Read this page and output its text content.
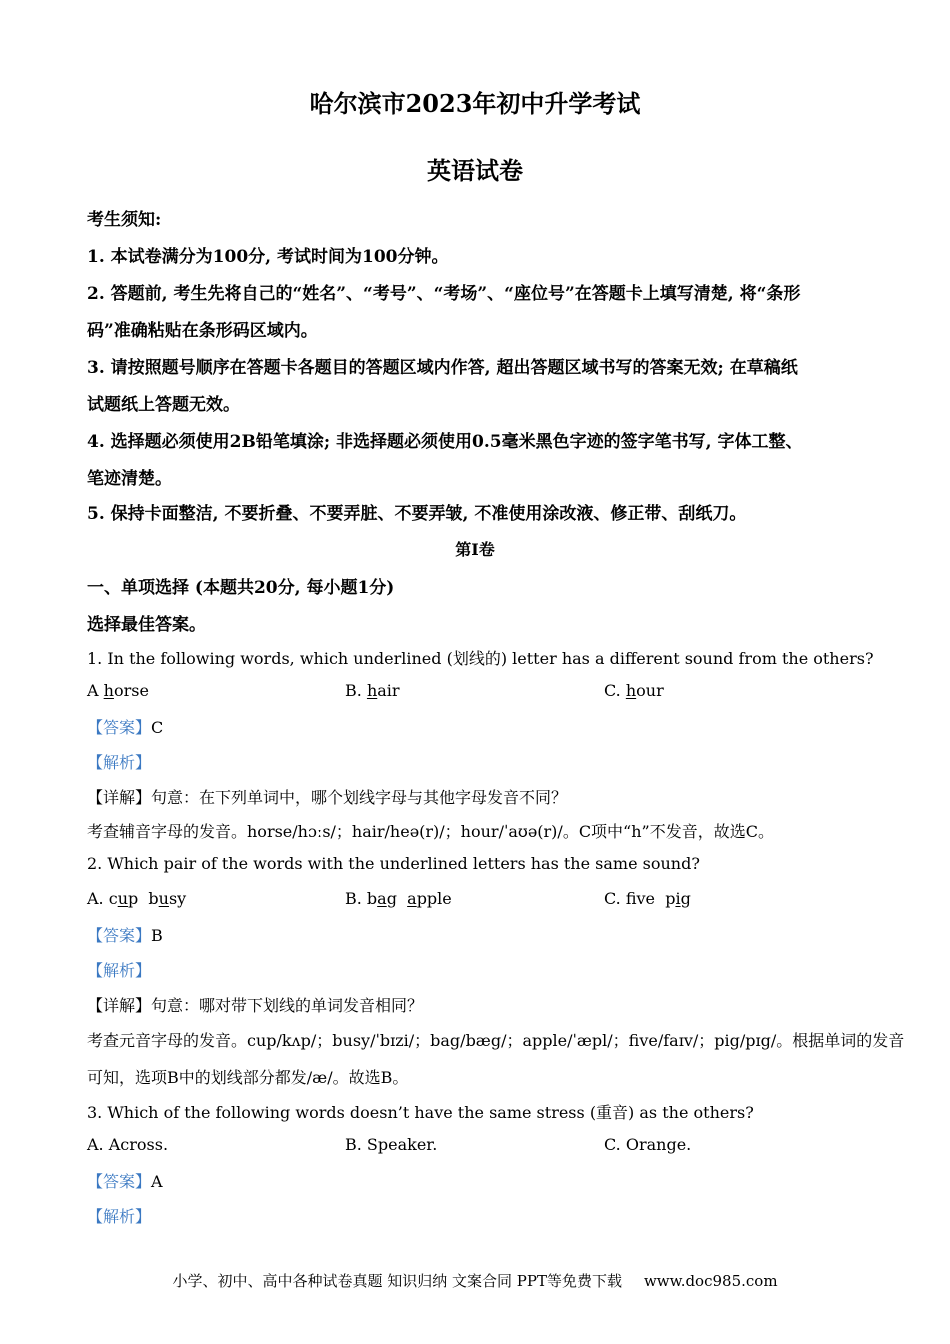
哈尔滨市2023年初中升学考试
英语试卷
考生须知:
1. 本试卷满分为100分, 考试时间为100分钟。
2. 答题前, 考生先将自己的“姓名”、“考号”、“考场”、“座位号”在答题卡上填写清楚, 将“条形
码”准确粘贴在条形码区域内。
3. 请按照题号顺序在答题卡各题目的答题区域内作答, 超出答题区域书写的答案无效; 在草稿纸
试题纸上答题无效。
4. 选择题必须使用2B铅笔填涂; 非选择题必须使用0.5毫米黑色字迹的签字笔书写, 字体工整、
笔迹清楚。
5. 保持卡面整洁, 不要折叠、不要弄脏、不要弄皱, 不准使用涂改液、修正带、刮纸刀。
第I卷
一、单项选择 (本题共20分, 每小题1分)
选择最佳答案。
1. In the following words, which underlined (划线的) letter has a different sound from the others?
A horse	B. hair	C. hour
【答案】C
【解析】
【详解】句意：在下列单词中，哪个划线字母与其他字母发音不同？
考查辅音字母的发音。horse/hɔːs/；hair/heə(r)/；hour/ˈaʊə(r)/。C项中“h”不发音，故选C。
2. Which pair of the words with the underlined letters has the same sound?
A. cup  busy	B. bag  apple	C. fve  pig
【答案】B
【解析】
【详解】句意：哪对带下划线的单词发音相同？
考查元音字母的发音。cup/kʌp/；busy/ˈbɪzi/；bag/bæg/；apple/ˈæpl/；five/faɪv/；pig/pɪg/。根据单词的发音
可知，选项B中的划线部分都发/æ/。故选B。
3. Which of the following words doesn’t have the same stress (重音) as the others?
A. Across.	B. Speaker.	C. Orange.
【答案】A
【解析】
小学、初中、高中各种试卷真题 知识归纳 文案合同 PPT等免费下载 www.doc985.com
